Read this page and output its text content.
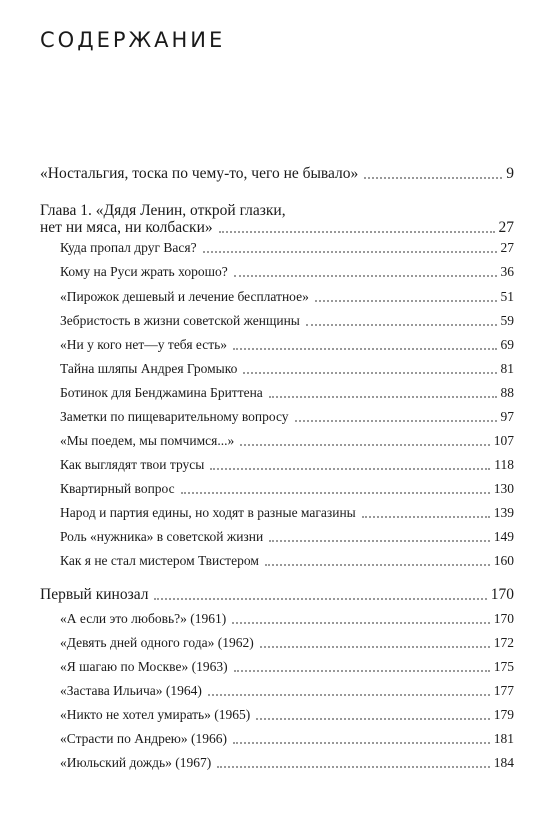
СОДЕРЖАНИЕ
«Ностальгия, тоска по чему-то, чего не бывало»	9
Глава 1. «Дядя Ленин, открой глазки,
нет ни мяса, ни колбаски»	27
Куда пропал друг Вася?	27
Кому на Руси жрать хорошо?	36
«Пирожок дешевый и лечение бесплатное»	51
Зебристость в жизни советской женщины	59
«Ни у кого нет—у тебя есть»	69
Тайна шляпы Андрея Громыко	81
Ботинок для Бенджамина Бриттена	88
Заметки по пищеварительному вопросу	97
«Мы поедем, мы помчимся...»	107
Как выглядят твои трусы	118
Квартирный вопрос	130
Народ и партия едины, но ходят в разные магазины	139
Роль «нужника» в советской жизни	149
Как я не стал мистером Твистером	160
Первый кинозал	170
«А если это любовь?» (1961)	170
«Девять дней одного года» (1962)	172
«Я шагаю по Москве» (1963)	175
«Застава Ильича» (1964)	177
«Никто не хотел умирать» (1965)	179
«Страсти по Андрею» (1966)	181
«Июльский дождь» (1967)	184
